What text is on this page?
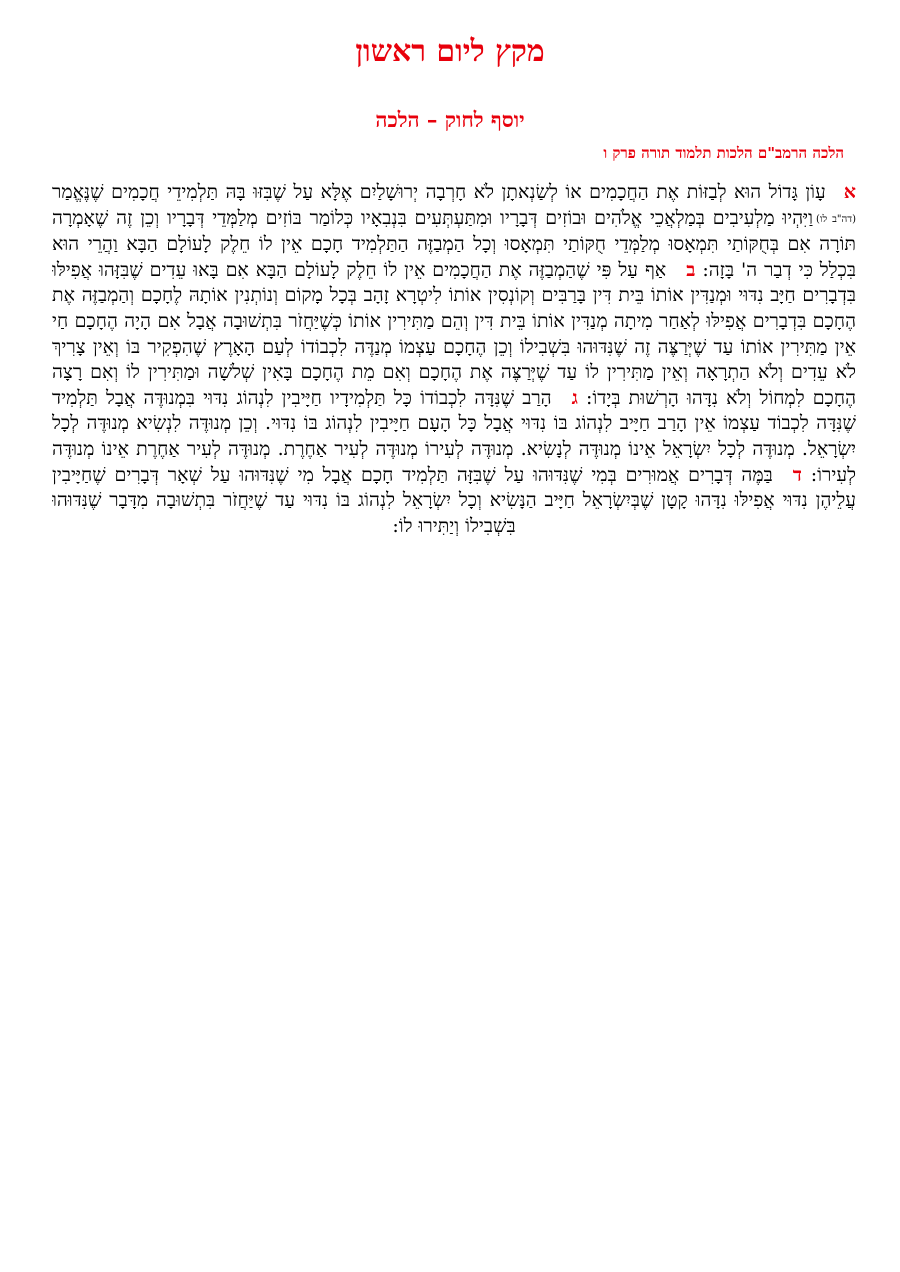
מקץ ליום ראשון
יוסף לחוק – הלכה
הלכה הרמב"ם הלכות תלמוד תורה פרק ו

אעָוֹן גָּדוֹל הוּא לְבַזּוֹת אֶת הַחֲכָמִים אוֹ לְשַׂנְאתָן לֹא חָרְבָה יְרוּשָׁלַיִם אֶלָּא עַל שֶׁבִּזּוּ בָּהּ תַּלְמִידֵי חֲכָמִים שֶׁנֶּאֱמַר (דה"ב לו)וַיִּהְיוּ מַלְעִיבִים בְּמַלְאֲכֵי אֱלֹהִים וּבוֹזִים דְּבָרָיו וּמִתַּעְתְּעִים בִּנְבִאָיו כְּלוֹמַר בּוֹזִים מְלַמְּדֵי דְּבָרָיו וְכֵן זֶה שֶׁאָמְרָה תּוֹרָה אִם בְּחֻקּוֹתַי תִּמְאָסוּ מְלַמְּדֵי חֻקּוֹתַי תִּמְאָסוּ וְכָל הַמְבַזֶּה הַתַּלְמִיד חָכָם אֵין לוֹ חֵלֶק לָעוֹלָם הַבָּא וַהֲרֵי הוּא בִּכְלַל כִּי דְבַר ה' בָּזָה: באַף עַל פִּי שֶׁהַמְבַזֶּה אֶת הַחֲכָמִים אֵין לוֹ חֵלֶק לָעוֹלָם הַבָּא אִם בָּאוּ עֵדִים שֶׁבִּזָּהוּ אֲפִילּוּ בִּדְבָרִים חַיָּב נִדּוּי וּמְנַדִּין אוֹתוֹ בֵּית דִּין בָּרַבִּים וְקוֹנְסִין אוֹתוֹ לִיטְרָא זָהָב בְּכָל מָקוֹם וְנוֹתְנִין אוֹתָהּ לֶחָכָם וְהַמְבַזֶּה אֶת הֶחָכָם בִּדְבָרִים אֲפִילּוּ לְאַחַר מִיתָה מְנַדִּין אוֹתוֹ בֵּית דִּין וְהֵם מַתִּירִין אוֹתוֹ כְּשֶׁיַּחֲזֹר בִּתְשׁוּבָה אֲבָל אִם הָיָה הֶחָכָם חַי אֵין מַתִּירִין אוֹתוֹ עַד שֶׁיְּרַצֶּה זֶה שֶׁנִּדּוּהוּ בִּשְׁבִילוֹ וְכֵן הֶחָכָם עַצְמוֹ מְנַדֶּה לִכְבוֹדוֹ לְעַם הָאָרֶץ שֶׁהִפְקִיר בּוֹ וְאֵין צָרִיךְ לֹא עֵדִים וְלֹא הַתְרָאָה וְאֵין מַתִּירִין לוֹ עַד שֶׁיְּרַצֶּה אֶת הֶחָכָם וְאִם מֵת הֶחָכָם בָּאִין שְׁלשָׁה וּמַתִּירִין לוֹ וְאִם רָצָה הֶחָכָם לִמְחוֹל וְלֹא נִדָּהוּ הָרְשׁוּת בְּיָדוֹ: גהָרַב שֶׁנִּדָּה לִכְבוֹדוֹ כָּל תַּלְמִידָיו חַיָּיבִין לִנְהוֹג נִדּוּי בִּמְנוּדֶּה אֲבָל תַּלְמִיד שֶׁנִּדָּה לִכְבוֹד עַצְמוֹ אֵין הָרַב חַיָּיב לִנְהוֹג בּוֹ נִדּוּי אֲבָל כָּל הָעָם חַיָּיבִין לִנְהוֹג בּוֹ נִדּוּי. וְכֵן מְנוּדֶּה לִנְשִׂיא מְנוּדֶּה לְכָל יִשְׂרָאֵל. מְנוּדֶּה לְכָל יִשְׂרָאֵל אֵינוֹ מְנוּדֶּה לְנָשִׂיא. מְנוּדֶּה לְעִירוֹ מְנוּדֶּה לְעִיר אַחֶרֶת. מְנוּדֶּה לְעִיר אַחֶרֶת אֵינוֹ מְנוּדֶּה לְעִירוֹ: דבַּמֶּה דְּבָרִים אֲמוּרִים בְּמִי שֶׁנִּדּוּהוּ עַל שֶׁבִּזָּה תַּלְמִיד חָכָם אֲבָל מִי שֶׁנִּדּוּהוּ עַל שְׁאָר דְּבָרִים שֶׁחַיָּיבִין עֲלֵיהֶן נִדּוּי אֲפִילּוּ נִדָּהוּ קָטָן שֶׁבְּיִשְׂרָאֵל חַיָּיב הַנָּשִׂיא וְכָל יִשְׂרָאֵל לִנְהוֹג בּוֹ נִדּוּי עַד שֶׁיַּחֲזֹר בִּתְשׁוּבָה מִדָּבָר שֶׁנִּדּוּהוּ בִּשְׁבִילוֹ וְיַתִּירוּ לוֹ:
